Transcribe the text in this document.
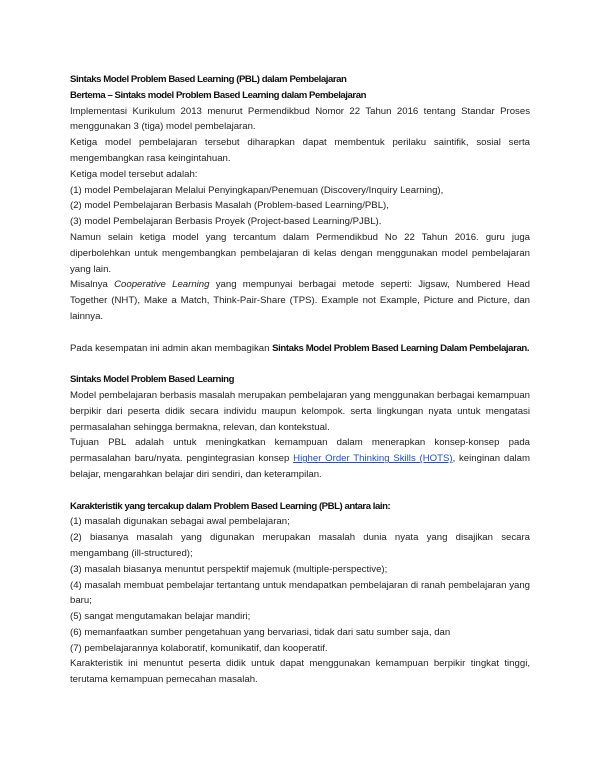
Sintaks Model Problem Based Learning (PBL) dalam Pembelajaran

Bertema – Sintaks model Problem Based Learning dalam Pembelajaran

Implementasi Kurikulum 2013 menurut Permendikbud Nomor 22 Tahun 2016 tentang Standar Proses menggunakan 3 (tiga) model pembelajaran.

Ketiga model pembelajaran tersebut diharapkan dapat membentuk perilaku saintifik, sosial serta mengembangkan rasa keingintahuan.

Ketiga model tersebut adalah:

(1) model Pembelajaran Melalui Penyingkapan/Penemuan (Discovery/Inquiry Learning),

(2) model Pembelajaran Berbasis Masalah (Problem-based Learning/PBL),

(3) model Pembelajaran Berbasis Proyek (Project-based Learning/PJBL).

Namun selain ketiga model yang tercantum dalam Permendikbud No 22 Tahun 2016. guru juga diperbolehkan untuk mengembangkan pembelajaran di kelas dengan menggunakan model pembelajaran yang lain.

Misalnya Cooperative Learning yang mempunyai berbagai metode seperti: Jigsaw, Numbered Head Together (NHT), Make a Match, Think-Pair-Share (TPS). Example not Example, Picture and Picture, dan lainnya.

Pada kesempatan ini admin akan membagikan Sintaks Model Problem Based Learning Dalam Pembelajaran.

Sintaks Model Problem Based Learning

Model pembelajaran berbasis masalah merupakan pembelajaran yang menggunakan berbagai kemampuan berpikir dari peserta didik secara individu maupun kelompok. serta lingkungan nyata untuk mengatasi permasalahan sehingga bermakna, relevan, dan kontekstual.

Tujuan PBL adalah untuk meningkatkan kemampuan dalam menerapkan konsep-konsep pada permasalahan baru/nyata. pengintegrasian konsep Higher Order Thinking Skills (HOTS), keinginan dalam belajar, mengarahkan belajar diri sendiri, dan keterampilan.

Karakteristik yang tercakup dalam Problem Based Learning (PBL) antara lain:

(1) masalah digunakan sebagai awal pembelajaran;

(2) biasanya masalah yang digunakan merupakan masalah dunia nyata yang disajikan secara mengambang (ill-structured);

(3) masalah biasanya menuntut perspektif majemuk (multiple-perspective);

(4) masalah membuat pembelajar tertantang untuk mendapatkan pembelajaran di ranah pembelajaran yang baru;

(5) sangat mengutamakan belajar mandiri;

(6) memanfaatkan sumber pengetahuan yang bervariasi, tidak dari satu sumber saja, dan

(7) pembelajarannya kolaboratif, komunikatif, dan kooperatif.

Karakteristik ini menuntut peserta didik untuk dapat menggunakan kemampuan berpikir tingkat tinggi, terutama kemampuan pemecahan masalah.
